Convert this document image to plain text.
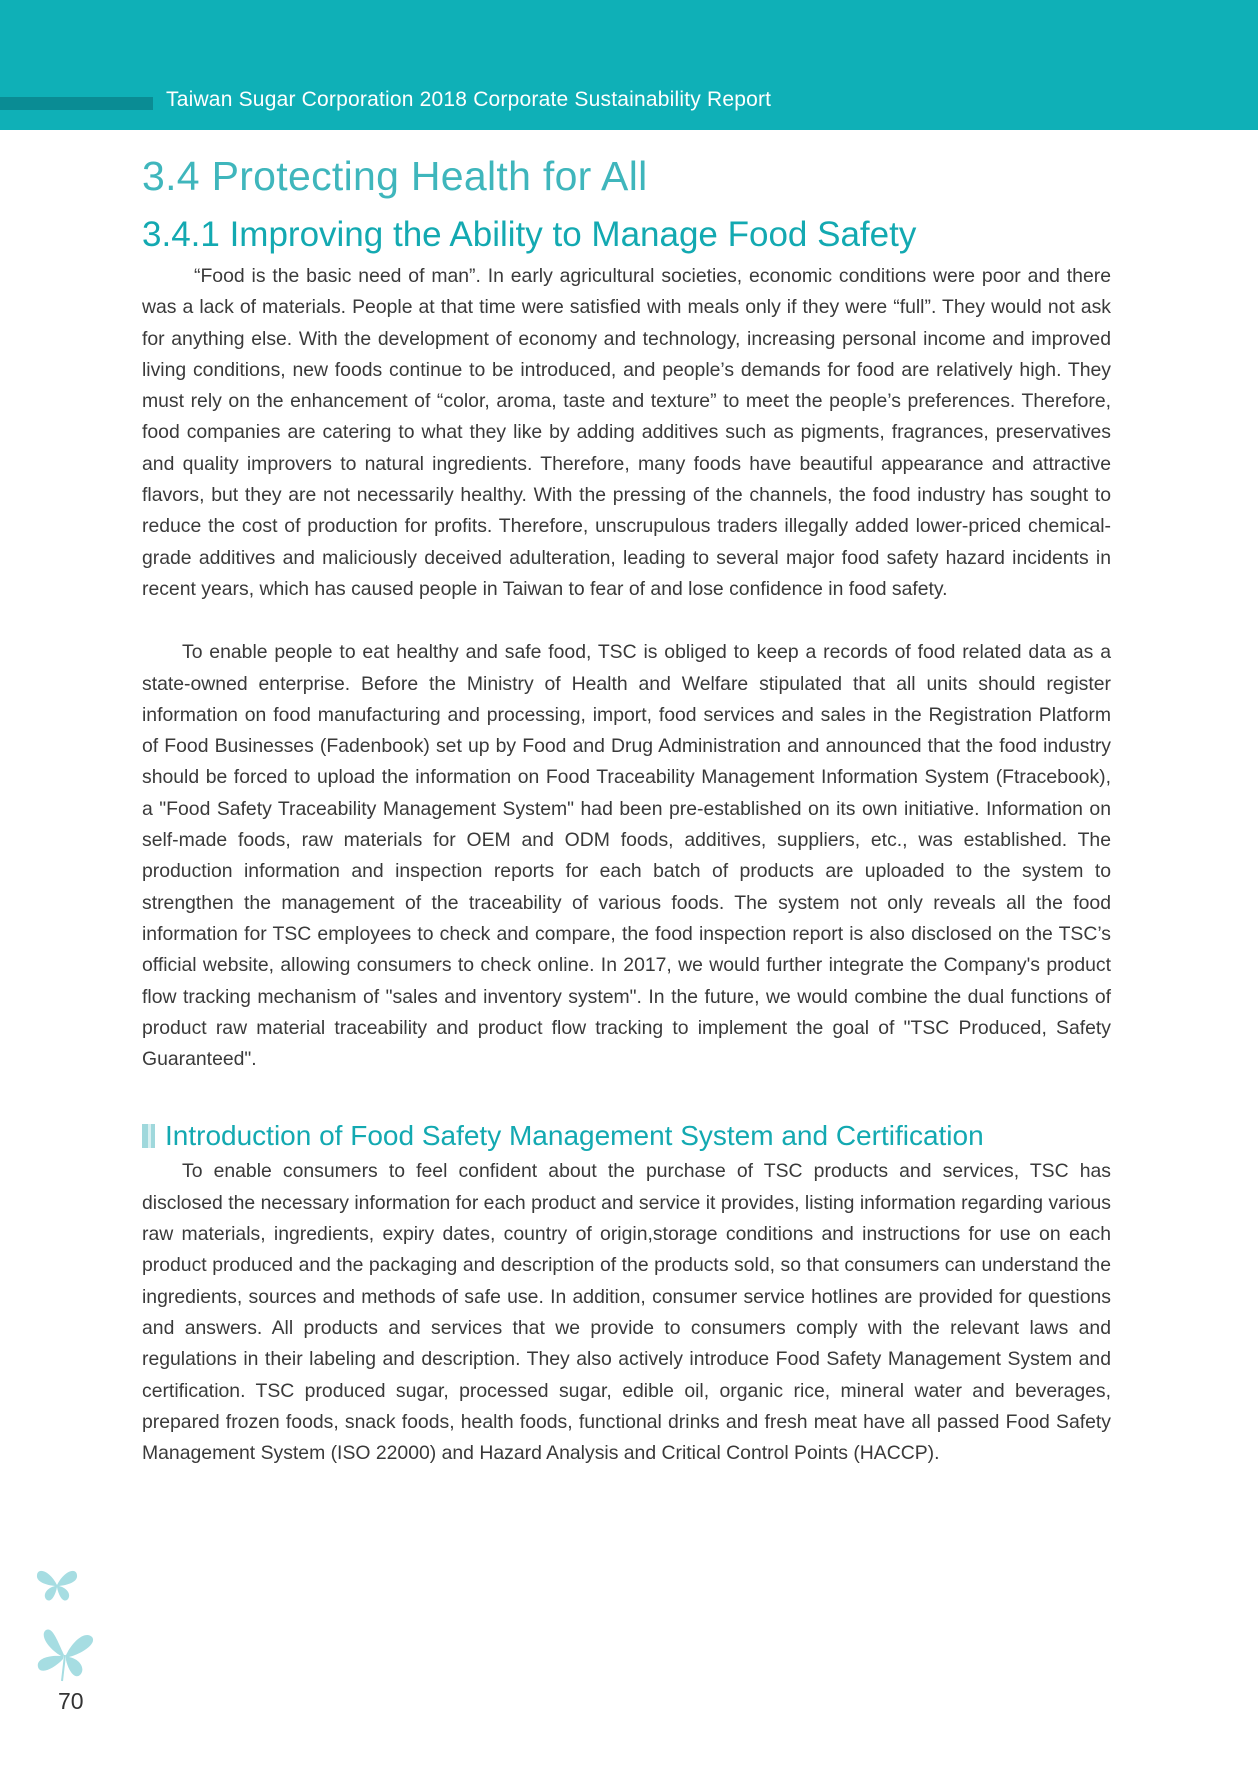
Taiwan Sugar Corporation 2018 Corporate Sustainability Report
3.4 Protecting Health for All
3.4.1 Improving the Ability to Manage Food Safety

“Food is the basic need of man”. In early agricultural societies, economic conditions were poor and there was a lack of materials. People at that time were satisfied with meals only if they were “full”. They would not ask for anything else. With the development of economy and technology, increasing personal income and improved living conditions, new foods continue to be introduced, and people’s demands for food are relatively high. They must rely on the enhancement of “color, aroma, taste and texture” to meet the people’s preferences. Therefore, food companies are catering to what they like by adding additives such as pigments, fragrances, preservatives and quality improvers to natural ingredients. Therefore, many foods have beautiful appearance and attractive flavors, but they are not necessarily healthy. With the pressing of the channels, the food industry has sought to reduce the cost of production for profits. Therefore, unscrupulous traders illegally added lower-priced chemical-grade additives and maliciously deceived adulteration, leading to several major food safety hazard incidents in recent years, which has caused people in Taiwan to fear of and lose confidence in food safety.

To enable people to eat healthy and safe food, TSC is obliged to keep a records of food related data as a state-owned enterprise. Before the Ministry of Health and Welfare stipulated that all units should register information on food manufacturing and processing, import, food services and sales in the Registration Platform of Food Businesses (Fadenbook) set up by Food and Drug Administration and announced that the food industry should be forced to upload the information on Food Traceability Management Information System (Ftracebook), a "Food Safety Traceability Management System" had been pre-established on its own initiative. Information on self-made foods, raw materials for OEM and ODM foods, additives, suppliers, etc., was established. The production information and inspection reports for each batch of products are uploaded to the system to strengthen the management of the traceability of various foods. The system not only reveals all the food information for TSC employees to check and compare, the food inspection report is also disclosed on the TSC’s official website, allowing consumers to check online. In 2017, we would further integrate the Company's product flow tracking mechanism of "sales and inventory system". In the future, we would combine the dual functions of product raw material traceability and product flow tracking to implement the goal of "TSC Produced, Safety Guaranteed".

Introduction of Food Safety Management System and Certification

To enable consumers to feel confident about the purchase of TSC products and services, TSC has disclosed the necessary information for each product and service it provides, listing information regarding various raw materials, ingredients, expiry dates, country of origin,storage conditions and instructions for use on each product produced and the packaging and description of the products sold, so that consumers can understand the ingredients, sources and methods of safe use. In addition, consumer service hotlines are provided for questions and answers. All products and services that we provide to consumers comply with the relevant laws and regulations in their labeling and description. They also actively introduce Food Safety Management System and certification. TSC produced sugar, processed sugar, edible oil, organic rice, mineral water and beverages, prepared frozen foods, snack foods, health foods, functional drinks and fresh meat have all passed Food Safety Management System (ISO 22000) and Hazard Analysis and Critical Control Points (HACCP).

70
